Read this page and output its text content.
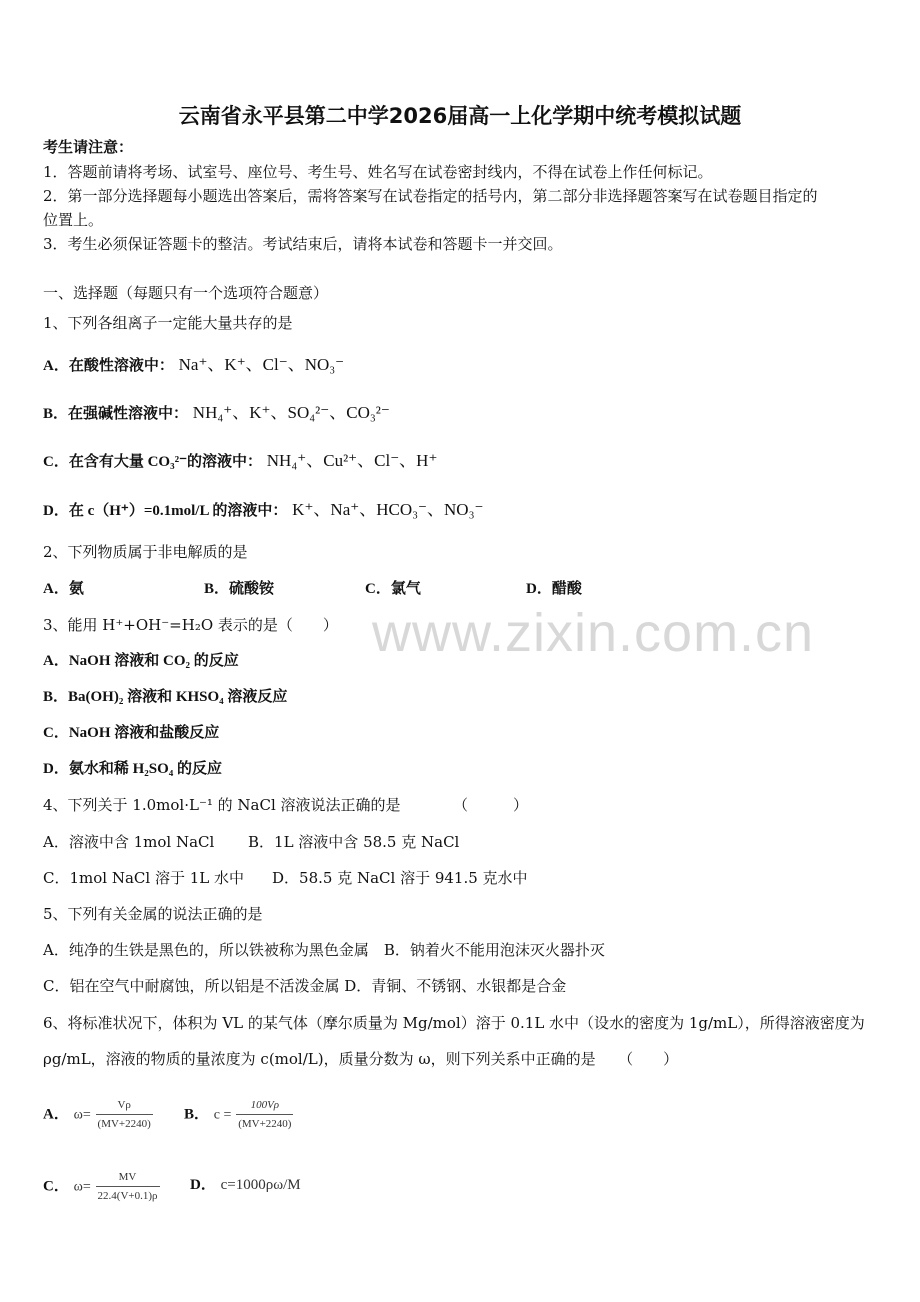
www.zixin.com.cn
云南省永平县第二中学2026届高一上化学期中统考模拟试题
考生请注意：
1．答题前请将考场、试室号、座位号、考生号、姓名写在试卷密封线内，不得在试卷上作任何标记。
2．第一部分选择题每小题选出答案后，需将答案写在试卷指定的括号内，第二部分非选择题答案写在试卷题目指定的
位置上。
3．考生必须保证答题卡的整洁。考试结束后，请将本试卷和答题卡一并交回。
一、选择题（每题只有一个选项符合题意）
1、下列各组离子一定能大量共存的是
A．在酸性溶液中： Na⁺、K⁺、Cl⁻、NO₃⁻
B．在强碱性溶液中： NH₄⁺、K⁺、SO₄²⁻、CO₃²⁻
C．在含有大量 CO₃²⁻的溶液中： NH₄⁺、Cu²⁺、Cl⁻、H⁺
D．在 c（H⁺）=0.1mol/L 的溶液中： K⁺、Na⁺、HCO₃⁻、NO₃⁻
2、下列物质属于非电解质的是
A．氨	B．硫酸铵	C．氯气	D．醋酸
3、能用 H⁺+OH⁻=H₂O 表示的是（　　）
A．NaOH 溶液和 CO₂ 的反应
B．Ba(OH)₂ 溶液和 KHSO₄ 溶液反应
C．NaOH 溶液和盐酸反应
D．氨水和稀 H₂SO₄ 的反应
4、下列关于 1.0mol·L⁻¹ 的 NaCl 溶液说法正确的是　　　　（　　　）
A．溶液中含 1mol NaCl B．1L 溶液中含 58.5 克 NaCl
C．1mol NaCl 溶于 1L 水中 D．58.5 克 NaCl 溶于 941.5 克水中
5、下列有关金属的说法正确的是
A．纯净的生铁是黑色的，所以铁被称为黑色金属　B．钠着火不能用泡沫灭火器扑灭
C．铝在空气中耐腐蚀，所以铝是不活泼金属 D．青铜、不锈钢、水银都是合金
6、将标准状况下，体积为 VL 的某气体（摩尔质量为 Mg/mol）溶于 0.1L 水中（设水的密度为 1g/mL），所得溶液密度为
ρg/mL，溶液的物质的量浓度为 c(mol/L)，质量分数为 ω，则下列关系中正确的是　　（　　）
A． $\omega= \frac{V\rho}{(MV+2240)}$ B． $c = \frac{100V\rho}{(MV+2240)}$
C． $\omega= \frac{MV}{22.4(V+0.1)\rho}$ D． c=1000ρω/M
